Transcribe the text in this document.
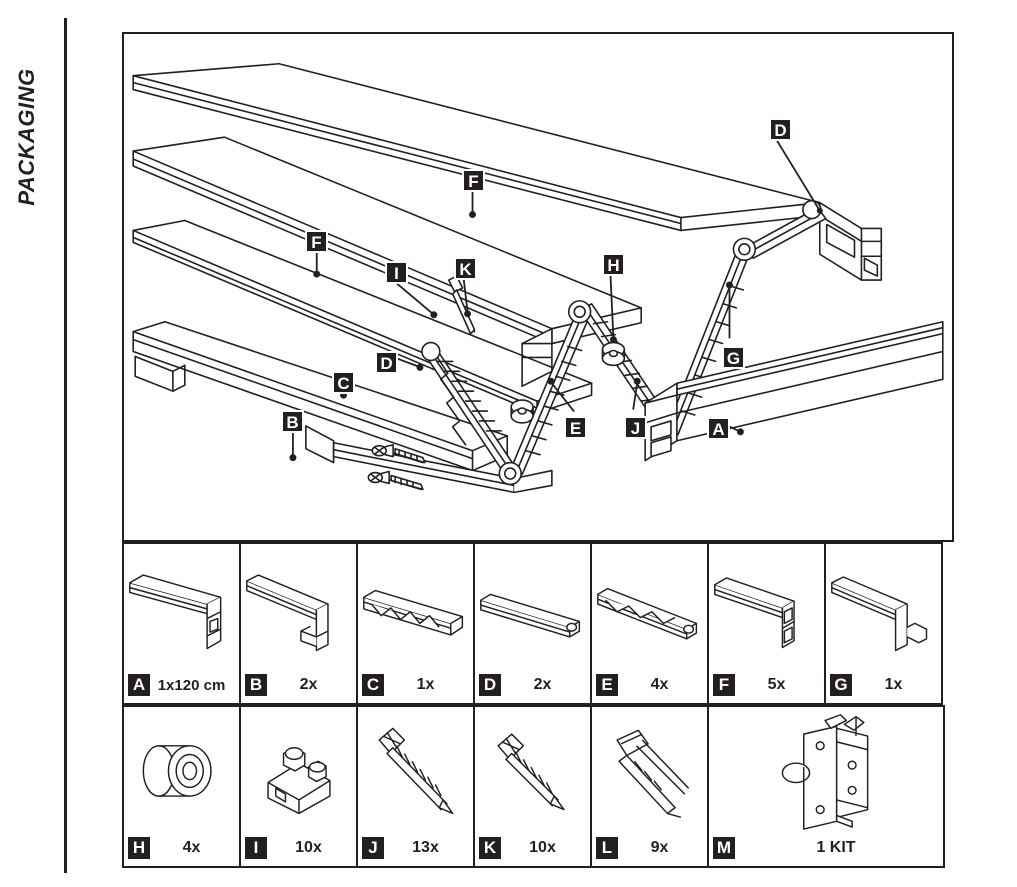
PACKAGING	D
F
F
I	K	H
G
D
C
B	E	J	A
A 1x120 cm	B	2x	C	1x	D	2x	E	4x	F	5x	G	1x
H	4x	I	10x	J	13x	K	10x	L	9x	M	1 KIT
